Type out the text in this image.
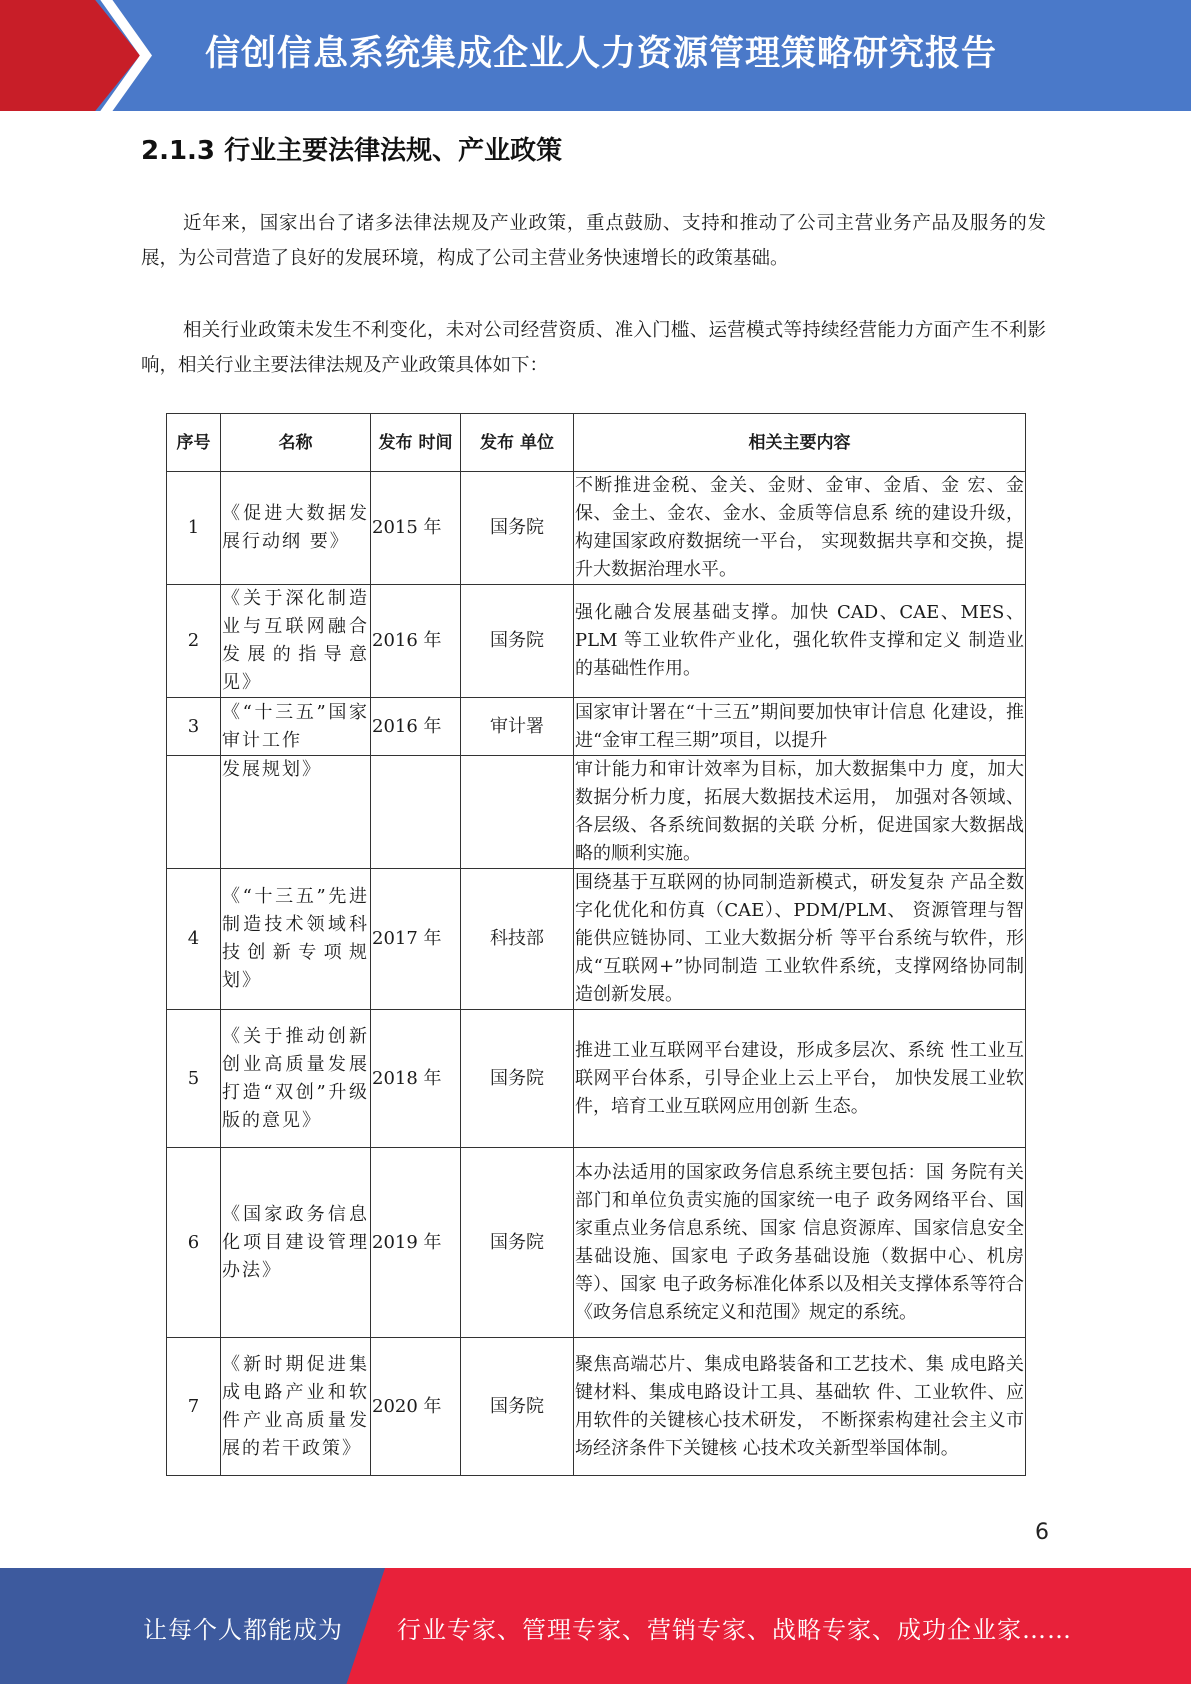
信创信息系统集成企业人力资源管理策略研究报告
2.1.3 行业主要法律法规、产业政策
近年来，国家出台了诸多法律法规及产业政策，重点鼓励、支持和推动了公司主营业务产品及服务的发展，为公司营造了良好的发展环境，构成了公司主营业务快速增长的政策基础。
相关行业政策未发生不利变化，未对公司经营资质、准入门槛、运营模式等持续经营能力方面产生不利影响，相关行业主要法律法规及产业政策具体如下：
序号	名称	发布 时间	发布 单位	相关主要内容
1	《促进大数据发展行动纲 要》	2015 年	国务院	不断推进金税、金关、金财、金审、金盾、金 宏、金保、金土、金农、金水、金质等信息系 统的建设升级，构建国家政府数据统一平台， 实现数据共享和交换，提升大数据治理水平。
2	《关于深化制造业与互联网融合发展的指导意见》	2016 年	国务院	强化融合发展基础支撑。加快 CAD、CAE、MES、PLM 等工业软件产业化，强化软件支撑和定义 制造业的基础性作用。
3	《“十三五”国家审计工作	2016 年	审计署	国家审计署在“十三五”期间要加快审计信息 化建设，推进“金审工程三期”项目，以提升
	发展规划》			审计能力和审计效率为目标，加大数据集中力 度，加大数据分析力度，拓展大数据技术运用， 加强对各领域、各层级、各系统间数据的关联 分析，促进国家大数据战略的顺利实施。
4	《“十三五”先进制造技术领域科技创新专项规划》	2017 年	科技部	围绕基于互联网的协同制造新模式，研发复杂 产品全数字化优化和仿真（CAE）、PDM/PLM、 资源管理与智能供应链协同、工业大数据分析 等平台系统与软件，形成“互联网+”协同制造 工业软件系统，支撑网络协同制造创新发展。
5	《关于推动创新创业高质量发展打造“双创”升级版的意见》	2018 年	国务院	推进工业互联网平台建设，形成多层次、系统 性工业互联网平台体系，引导企业上云上平台， 加快发展工业软件，培育工业互联网应用创新 生态。
6	《国家政务信息化项目建设管理办法》	2019 年	国务院	本办法适用的国家政务信息系统主要包括：国 务院有关部门和单位负责实施的国家统一电子 政务网络平台、国家重点业务信息系统、国家 信息资源库、国家信息安全基础设施、国家电 子政务基础设施（数据中心、机房等）、国家 电子政务标准化体系以及相关支撑体系等符合 《政务信息系统定义和范围》规定的系统。
7	《新时期促进集成电路产业和软件产业高质量发展的若干政策》	2020 年	国务院	聚焦高端芯片、集成电路装备和工艺技术、集 成电路关键材料、集成电路设计工具、基础软 件、工业软件、应用软件的关键核心技术研发， 不断探索构建社会主义市场经济条件下关键核 心技术攻关新型举国体制。
6
让每个人都能成为 行业专家、管理专家、营销专家、战略专家、成功企业家……
